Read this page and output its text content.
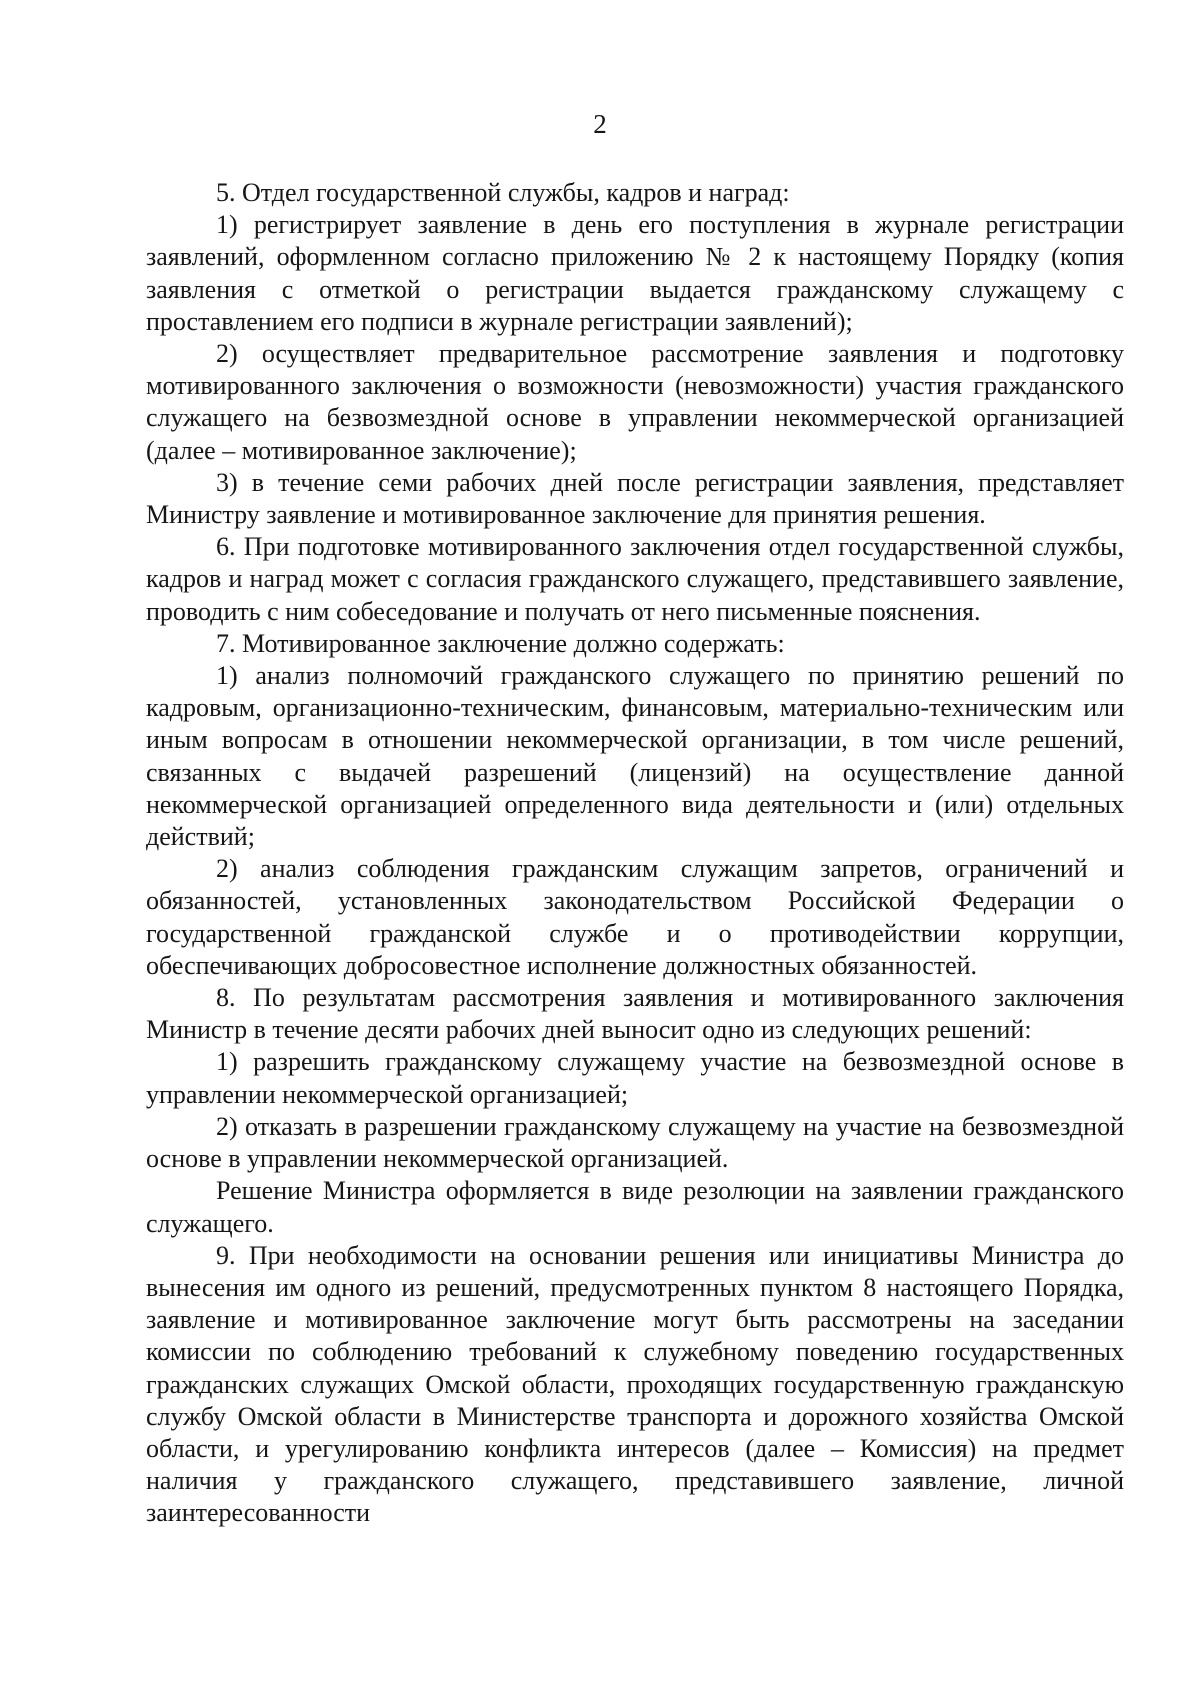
2

5. Отдел государственной службы, кадров и наград:

1) регистрирует заявление в день его поступления в журнале регистрации заявлений, оформленном согласно приложению № 2 к настоящему Порядку (копия заявления с отметкой о регистрации выдается гражданскому служащему с проставлением его подписи в журнале регистрации заявлений);

2) осуществляет предварительное рассмотрение заявления и подготовку мотивированного заключения о возможности (невозможности) участия гражданского служащего на безвозмездной основе в управлении некоммерческой организацией (далее – мотивированное заключение);

3) в течение семи рабочих дней после регистрации заявления, представляет Министру заявление и мотивированное заключение для принятия решения.

6. При подготовке мотивированного заключения отдел государственной службы, кадров и наград может с согласия гражданского служащего, представившего заявление, проводить с ним собеседование и получать от него письменные пояснения.

7. Мотивированное заключение должно содержать:

1) анализ полномочий гражданского служащего по принятию решений по кадровым, организационно-техническим, финансовым, материально-техническим или иным вопросам в отношении некоммерческой организации, в том числе решений, связанных с выдачей разрешений (лицензий) на осуществление данной некоммерческой организацией определенного вида деятельности и (или) отдельных действий;

2) анализ соблюдения гражданским служащим запретов, ограничений и обязанностей, установленных законодательством Российской Федерации о государственной гражданской службе и о противодействии коррупции, обеспечивающих добросовестное исполнение должностных обязанностей.

8. По результатам рассмотрения заявления и мотивированного заключения Министр в течение десяти рабочих дней выносит одно из следующих решений:

1) разрешить гражданскому служащему участие на безвозмездной основе в управлении некоммерческой организацией;

2) отказать в разрешении гражданскому служащему на участие на безвозмездной основе в управлении некоммерческой организацией.

Решение Министра оформляется в виде резолюции на заявлении гражданского служащего.

9. При необходимости на основании решения или инициативы Министра до вынесения им одного из решений, предусмотренных пунктом 8 настоящего Порядка, заявление и мотивированное заключение могут быть рассмотрены на заседании комиссии по соблюдению требований к служебному поведению государственных гражданских служащих Омской области, проходящих государственную гражданскую службу Омской области в Министерстве транспорта и дорожного хозяйства Омской области, и урегулированию конфликта интересов (далее – Комиссия) на предмет наличия у гражданского служащего, представившего заявление, личной заинтересованности
